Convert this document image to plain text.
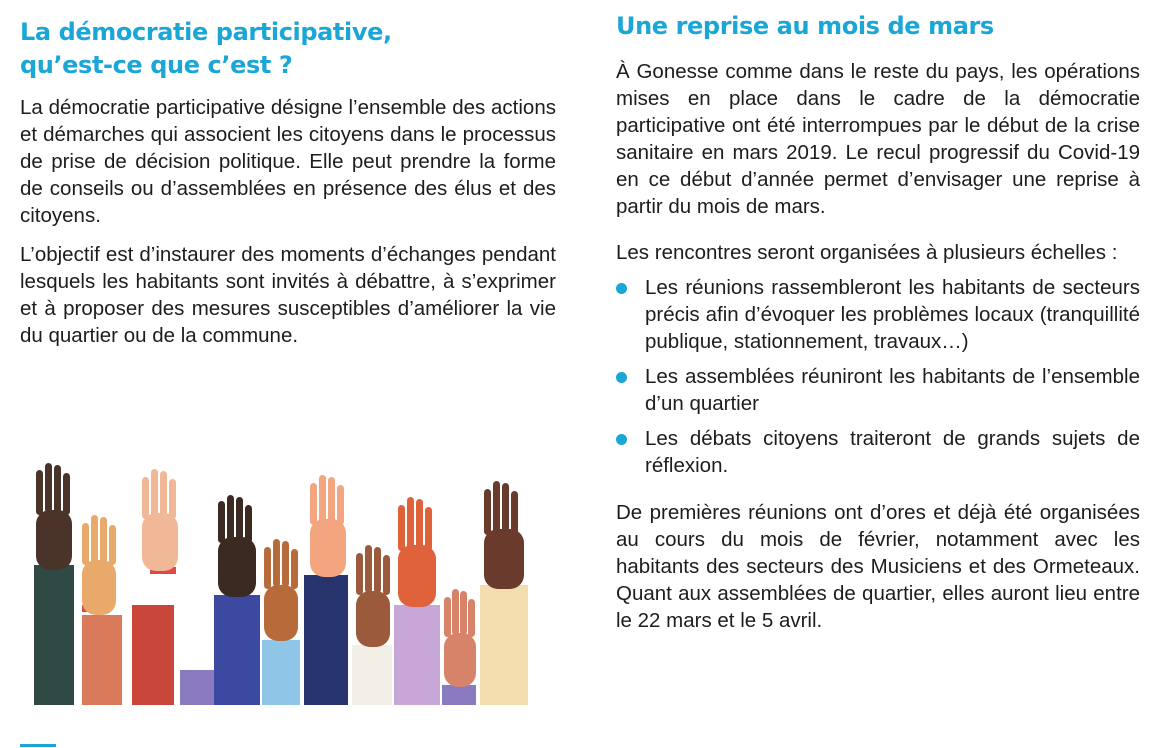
La démocratie participative,
qu’est-ce que c’est ?

La démocratie participative désigne l’ensemble des actions et démarches qui associent les citoyens dans le processus de prise de décision politique. Elle peut prendre la forme de conseils ou d’assemblées en présence des élus et des citoyens.

L’objectif est d’instaurer des moments d’échanges pendant lesquels les habitants sont invités à débattre, à s’exprimer et à proposer des mesures susceptibles d’améliorer la vie du quartier ou de la commune.

Une reprise au mois de mars

À Gonesse comme dans le reste du pays, les opérations mises en place dans le cadre de la démocratie participative ont été interrompues par le début de la crise sanitaire en mars 2019. Le recul progressif du Covid-19 en ce début d’année permet d’envisager une reprise à partir du mois de mars.

Les rencontres seront organisées à plusieurs échelles :

Les réunions rassembleront les habitants de secteurs précis afin d’évoquer les problèmes locaux (tranquillité publique, stationnement, travaux…)
Les assemblées réuniront les habitants de l’ensemble d’un quartier
Les débats citoyens traiteront de grands sujets de réflexion.

De premières réunions ont d’ores et déjà été organisées au cours du mois de février, notamment avec les habitants des secteurs des Musiciens et des Ormeteaux. Quant aux assemblées de quartier, elles auront lieu entre le 22 mars et le 5 avril.
